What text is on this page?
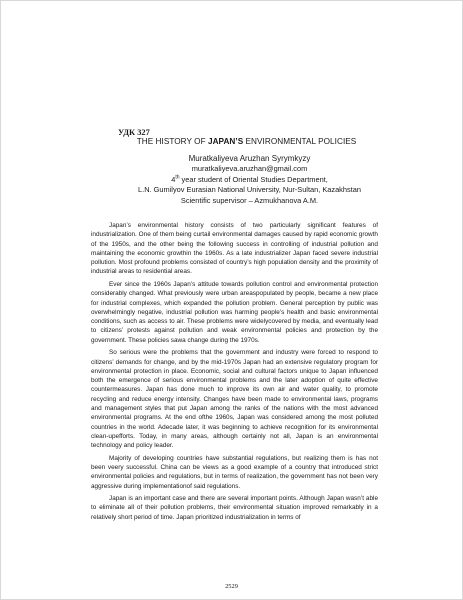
УДК 327
THE HISTORY OF JAPAN’S ENVIRONMENTAL POLICIES
Muratkaliyeva Aruzhan Syrymkyzy
muratkaliyeva.aruzhan@gmail.com
4th year student of Oriental Studies Department,
L.N. Gumilyov Eurasian National University, Nur-Sultan, Kazakhstan
Scientific supervisor – Azmukhanova A.M.

Japan’s environmental history consists of two particularly significant features of industrialization. One of them being curtail environmental damages caused by rapid economic growth of the 1950s, and the other being the following success in controlling of industrial pollution and maintaining the economic growthin the 1960s. As a late industrializer Japan faced severe industrial pollution. Most profound problems consisted of country’s high population density and the proximity of industrial areas to residential areas.

Ever since the 1960s Japan’s attitude towards pollution control and environmental protection considerably changed. What previously were urban areaspopulated by people, became a new place for industrial complexes, which expanded the pollution problem. General perception by public was overwhelmingly negative, industrial pollution was harming people’s health and basic environmental conditions, such as access to air. These problems were widelycovered by media, and eventually lead to citizens’ protests against pollution and weak environmental policies and protection by the government. These policies sawa change during the 1970s.

So serious were the problems that the government and industry were forced to respond to citizens’ demands for change, and by the mid-1970s Japan had an extensive regulatory program for environmental protection in place. Economic, social and cultural factors unique to Japan influenced both the emergence of serious environmental problems and the later adoption of quite effective countermeasures. Japan has done much to improve its own air and water quality, to promote recycling and reduce energy intensity. Changes have been made to environmental laws, programs and management styles that put Japan among the ranks of the nations with the most advanced environmental programs. At the end ofthe 1960s, Japan was considered among the most polluted countries in the world. Adecade later, it was beginning to achieve recognition for its environmental clean-upefforts. Today, in many areas, although certainly not all, Japan is an environmental technology and policy leader.

Majority of developing countries have substantial regulations, but realizing them is has not been veery successful. China can be views as a good example of a country that introduced strict environmental policies and regulations, but in terms of realization, the government has not been very aggressive during implementationof said regulations.

Japan is an important case and there are several important points. Although Japan wasn’t able to eliminate all of their pollution problems, their environmental situation improved remarkably in a relatively short period of time. Japan prioritized industrialization in terms of

2529
